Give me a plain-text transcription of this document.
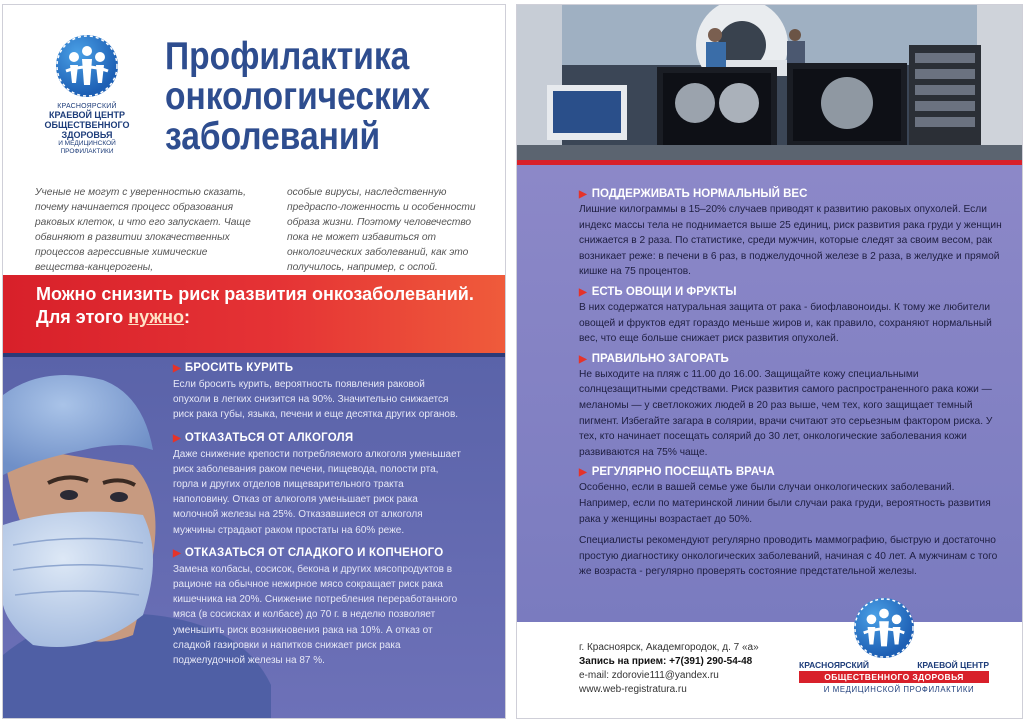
КРАСНОЯРСКИЙ
КРАЕВОЙ ЦЕНТР
ОБЩЕСТВЕННОГО
ЗДОРОВЬЯ
И МЕДИЦИНСКОЙ
ПРОФИЛАКТИКИ
Профилактика
онкологических
заболеваний
Ученые не могут с уверенностью сказать, почему начинается процесс образования раковых клеток, и что его запускает. Чаще обвиняют в развитии злокачественных процессов агрессивные химические вещества-канцерогены,
особые вирусы, наследственную предраспо-ложенность и особенности образа жизни. Поэтому человечество пока не может избавиться от онкологических заболеваний, как это получилось, например, с оспой.
Можно снизить риск развития онкозаболеваний.
Для этого нужно:
▶ БРОСИТЬ КУРИТЬ
Если бросить курить, вероятность появления раковой опухоли в легких снизится на 90%. Значительно снижается риск рака губы, языка, печени и еще десятка других органов.
▶ ОТКАЗАТЬСЯ ОТ АЛКОГОЛЯ
Даже снижение крепости потребляемого алкоголя уменьшает риск заболевания раком печени, пищевода, полости рта, горла и других отделов пищеварительного тракта наполовину. Отказ от алкоголя уменьшает риск рака молочной железы на 25%. Отказавшиеся от алкоголя мужчины страдают раком простаты на 60% реже.
▶ ОТКАЗАТЬСЯ ОТ СЛАДКОГО И КОПЧЕНОГО
Замена колбасы, сосисок, бекона и других мясопродуктов в рационе на обычное нежирное мясо сокращает риск рака кишечника на 20%. Снижение потребления переработанного мяса (в сосисках и колбасе) до 70 г. в неделю позволяет уменьшить риск возникновения рака на 10%. А отказ от сладкой газировки и напитков снижает риск рака поджелудочной железы на 87 %.
▶ ПОДДЕРЖИВАТЬ НОРМАЛЬНЫЙ ВЕС
Лишние килограммы в 15–20% случаев приводят к развитию раковых опухолей. Если индекс массы тела не поднимается выше 25 единиц, риск развития рака груди у женщин снижается в 2 раза. По статистике, среди мужчин, которые следят за своим весом, рак возникает реже: в печени в 6 раз, в поджелудочной железе в 2 раза, в желудке и прямой кишке на 75 процентов.
▶ ЕСТЬ ОВОЩИ И ФРУКТЫ
В них содержатся натуральная защита от рака - биофлавоноиды. К тому же любители овощей и фруктов едят гораздо меньше жиров и, как правило, сохраняют нормальный вес, что еще больше снижает риск развития опухолей.
▶ ПРАВИЛЬНО ЗАГОРАТЬ
Не выходите на пляж с 11.00 до 16.00. Защищайте кожу специальными солнцезащитными средствами. Риск развития самого распространенного рака кожи — меланомы — у светлокожих людей в 20 раз выше, чем тех, кого защищает темный пигмент. Избегайте загара в солярии, врачи считают это серьезным фактором риска. У тех, кто начинает посещать солярий до 30 лет, онкологические заболевания кожи развиваются на 75% чаще.
▶ РЕГУЛЯРНО ПОСЕЩАТЬ ВРАЧА
Особенно, если в вашей семье уже были случаи онкологических заболеваний. Например, если по материнской линии были случаи рака груди, вероятность развития рака у женщины возрастает до 50%.
Специалисты рекомендуют регулярно проводить маммографию, быструю и достаточно простую диагностику онкологических заболеваний, начиная с 40 лет. А мужчинам с того же возраста - регулярно проверять состояние предстательной железы.
г. Красноярск, Академгородок, д. 7 «а»
Запись на прием: +7(391) 290-54-48
e-mail: zdorovie111@yandex.ru
www.web-registratura.ru
КРАСНОЯРСКИЙ	КРАЕВОЙ ЦЕНТР
ОБЩЕСТВЕННОГО ЗДОРОВЬЯ
И МЕДИЦИНСКОЙ ПРОФИЛАКТИКИ
